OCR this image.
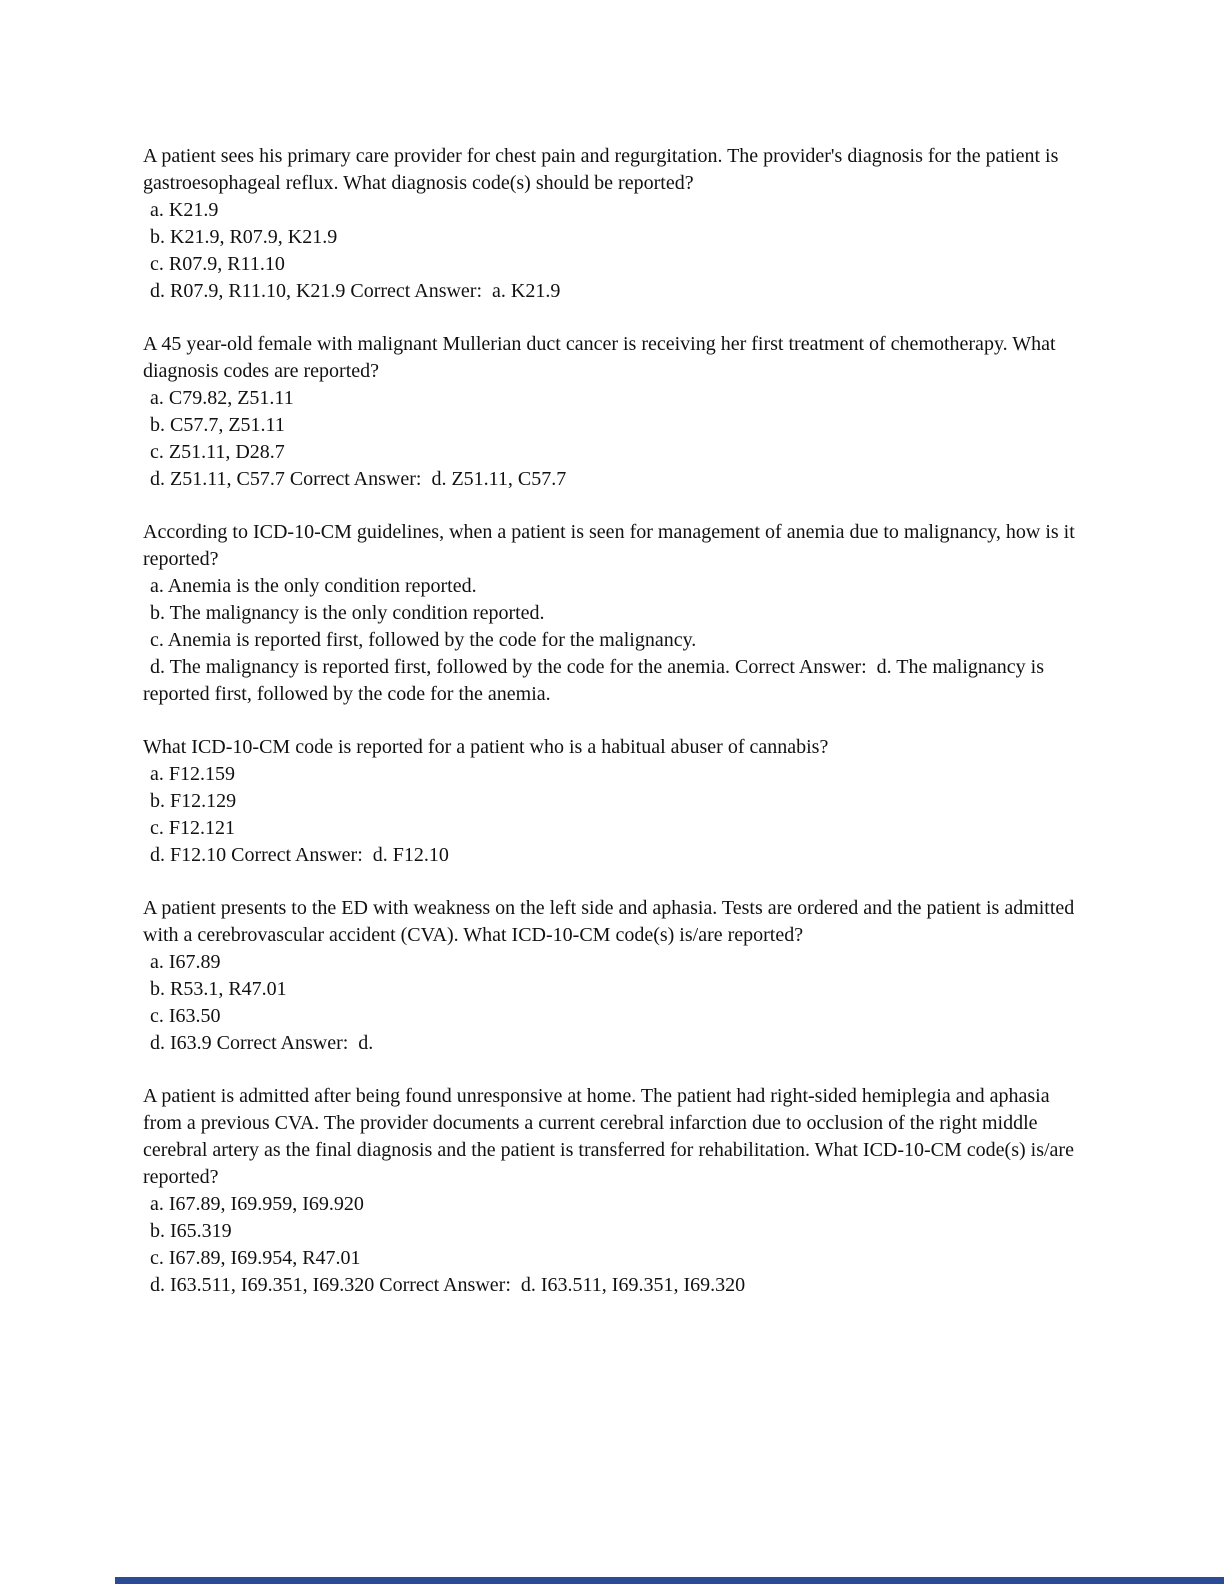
A patient sees his primary care provider for chest pain and regurgitation. The provider's diagnosis for the patient is gastroesophageal reflux. What diagnosis code(s) should be reported?
a. K21.9
b. K21.9, R07.9, K21.9
c. R07.9, R11.10
d. R07.9, R11.10, K21.9 Correct Answer:  a. K21.9
A 45 year-old female with malignant Mullerian duct cancer is receiving her first treatment of chemotherapy. What diagnosis codes are reported?
a. C79.82, Z51.11
b. C57.7, Z51.11
c. Z51.11, D28.7
d. Z51.11, C57.7 Correct Answer:  d. Z51.11, C57.7
According to ICD-10-CM guidelines, when a patient is seen for management of anemia due to malignancy, how is it reported?
a. Anemia is the only condition reported.
b. The malignancy is the only condition reported.
c. Anemia is reported first, followed by the code for the malignancy.
d. The malignancy is reported first, followed by the code for the anemia. Correct Answer:  d. The malignancy is reported first, followed by the code for the anemia.
What ICD-10-CM code is reported for a patient who is a habitual abuser of cannabis?
a. F12.159
b. F12.129
c. F12.121
d. F12.10 Correct Answer:  d. F12.10
A patient presents to the ED with weakness on the left side and aphasia. Tests are ordered and the patient is admitted with a cerebrovascular accident (CVA). What ICD-10-CM code(s) is/are reported?
a. I67.89
b. R53.1, R47.01
c. I63.50
d. I63.9 Correct Answer:  d.
A patient is admitted after being found unresponsive at home. The patient had right-sided hemiplegia and aphasia from a previous CVA. The provider documents a current cerebral infarction due to occlusion of the right middle cerebral artery as the final diagnosis and the patient is transferred for rehabilitation. What ICD-10-CM code(s) is/are reported?
a. I67.89, I69.959, I69.920
b. I65.319
c. I67.89, I69.954, R47.01
d. I63.511, I69.351, I69.320 Correct Answer:  d. I63.511, I69.351, I69.320
